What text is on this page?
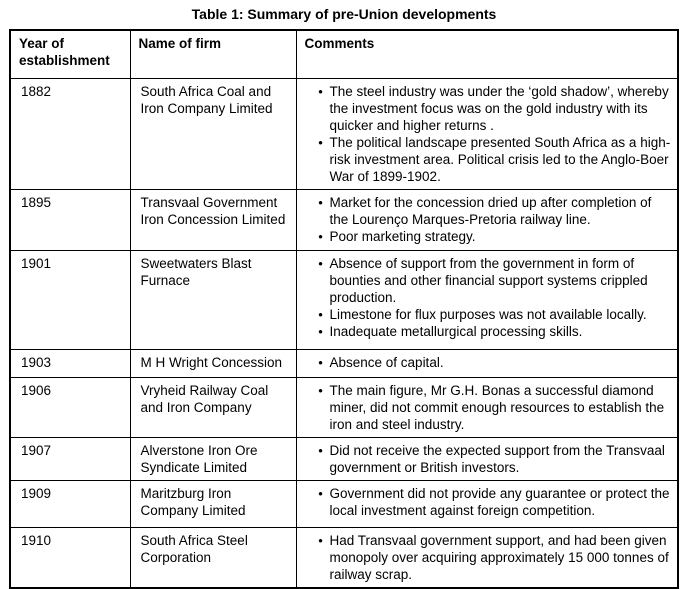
Table 1: Summary of pre-Union developments
Year of establishment	Name of firm	Comments
1882	South Africa Coal and Iron Company Limited	• The steel industry was under the ‘gold shadow’, whereby the investment focus was on the gold industry with its quicker and higher returns .
• The political landscape presented South Africa as a high-risk investment area. Political crisis led to the Anglo-Boer War of 1899-1902.

1895	Transvaal Government Iron Concession Limited	• Market for the concession dried up after completion of the Lourenço Marques-Pretoria railway line.
• Poor marketing strategy.

1901	Sweetwaters Blast Furnace	
• Absence of support from the government in form of bounties and other financial support systems crippled production.
• Limestone for flux purposes was not available locally.
• Inadequate metallurgical processing skills.

1903	M H Wright Concession	• Absence of capital.

1906	Vryheid Railway Coal and Iron Company	• The main figure, Mr G.H. Bonas a successful diamond miner, did not commit enough resources to establish the iron and steel industry.

1907	Alverstone Iron Ore Syndicate Limited	• Did not receive the expected support from the Transvaal government or British investors.

1909	Maritzburg Iron Company Limited	• Government did not provide any guarantee or protect the local investment against foreign competition.

1910	South Africa Steel Corporation	• Had Transvaal government support, and had been given monopoly over acquiring approximately 15 000 tonnes of railway scrap.
